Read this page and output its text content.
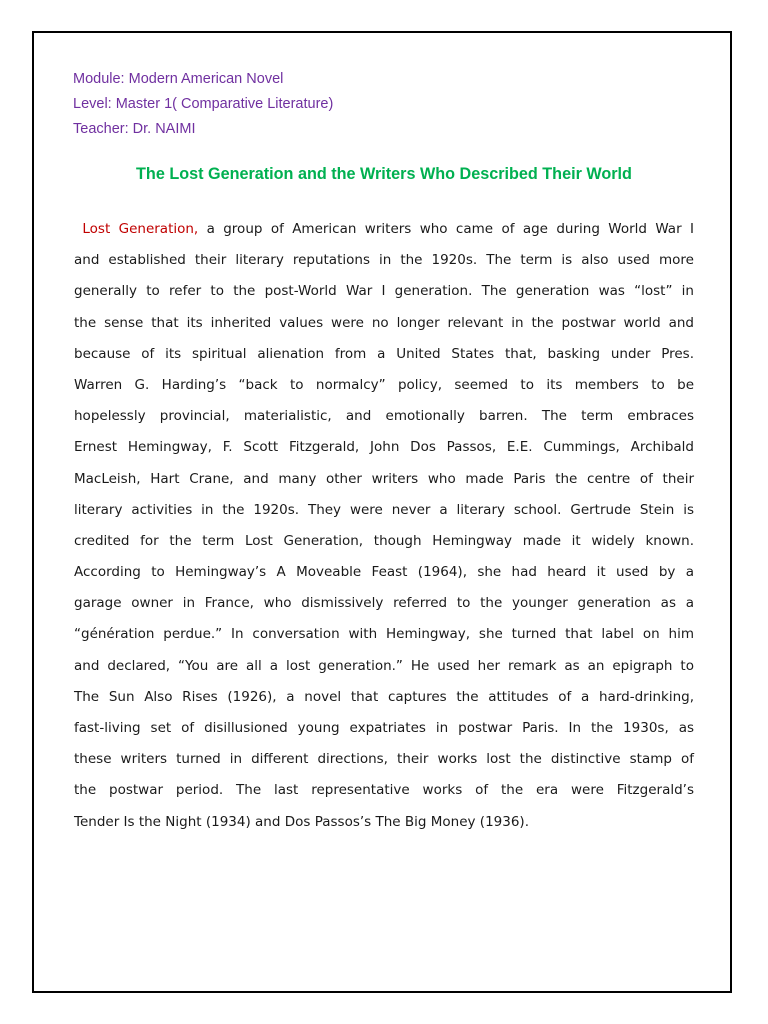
Module: Modern American Novel
Level: Master 1( Comparative Literature)
Teacher: Dr. NAIMI
The Lost Generation and the Writers Who Described Their World
Lost Generation, a group of American writers who came of age during World War I
and established their literary reputations in the 1920s. The term is also used more
generally to refer to the post-World War I generation. The generation was “lost” in
the sense that its inherited values were no longer relevant in the postwar world and
because of its spiritual alienation from a United States that, basking under Pres.
Warren G. Harding’s “back to normalcy” policy, seemed to its members to be
hopelessly provincial, materialistic, and emotionally barren. The term embraces
Ernest Hemingway, F. Scott Fitzgerald, John Dos Passos, E.E. Cummings, Archibald
MacLeish, Hart Crane, and many other writers who made Paris the centre of their
literary activities in the 1920s. They were never a literary school. Gertrude Stein is
credited for the term Lost Generation, though Hemingway made it widely known.
According to Hemingway’s A Moveable Feast (1964), she had heard it used by a
garage owner in France, who dismissively referred to the younger generation as a
“génération perdue.” In conversation with Hemingway, she turned that label on him
and declared, “You are all a lost generation.” He used her remark as an epigraph to
The Sun Also Rises (1926), a novel that captures the attitudes of a hard-drinking,
fast-living set of disillusioned young expatriates in postwar Paris. In the 1930s, as
these writers turned in different directions, their works lost the distinctive stamp of
the postwar period. The last representative works of the era were Fitzgerald’s
Tender Is the Night (1934) and Dos Passos’s The Big Money (1936).
